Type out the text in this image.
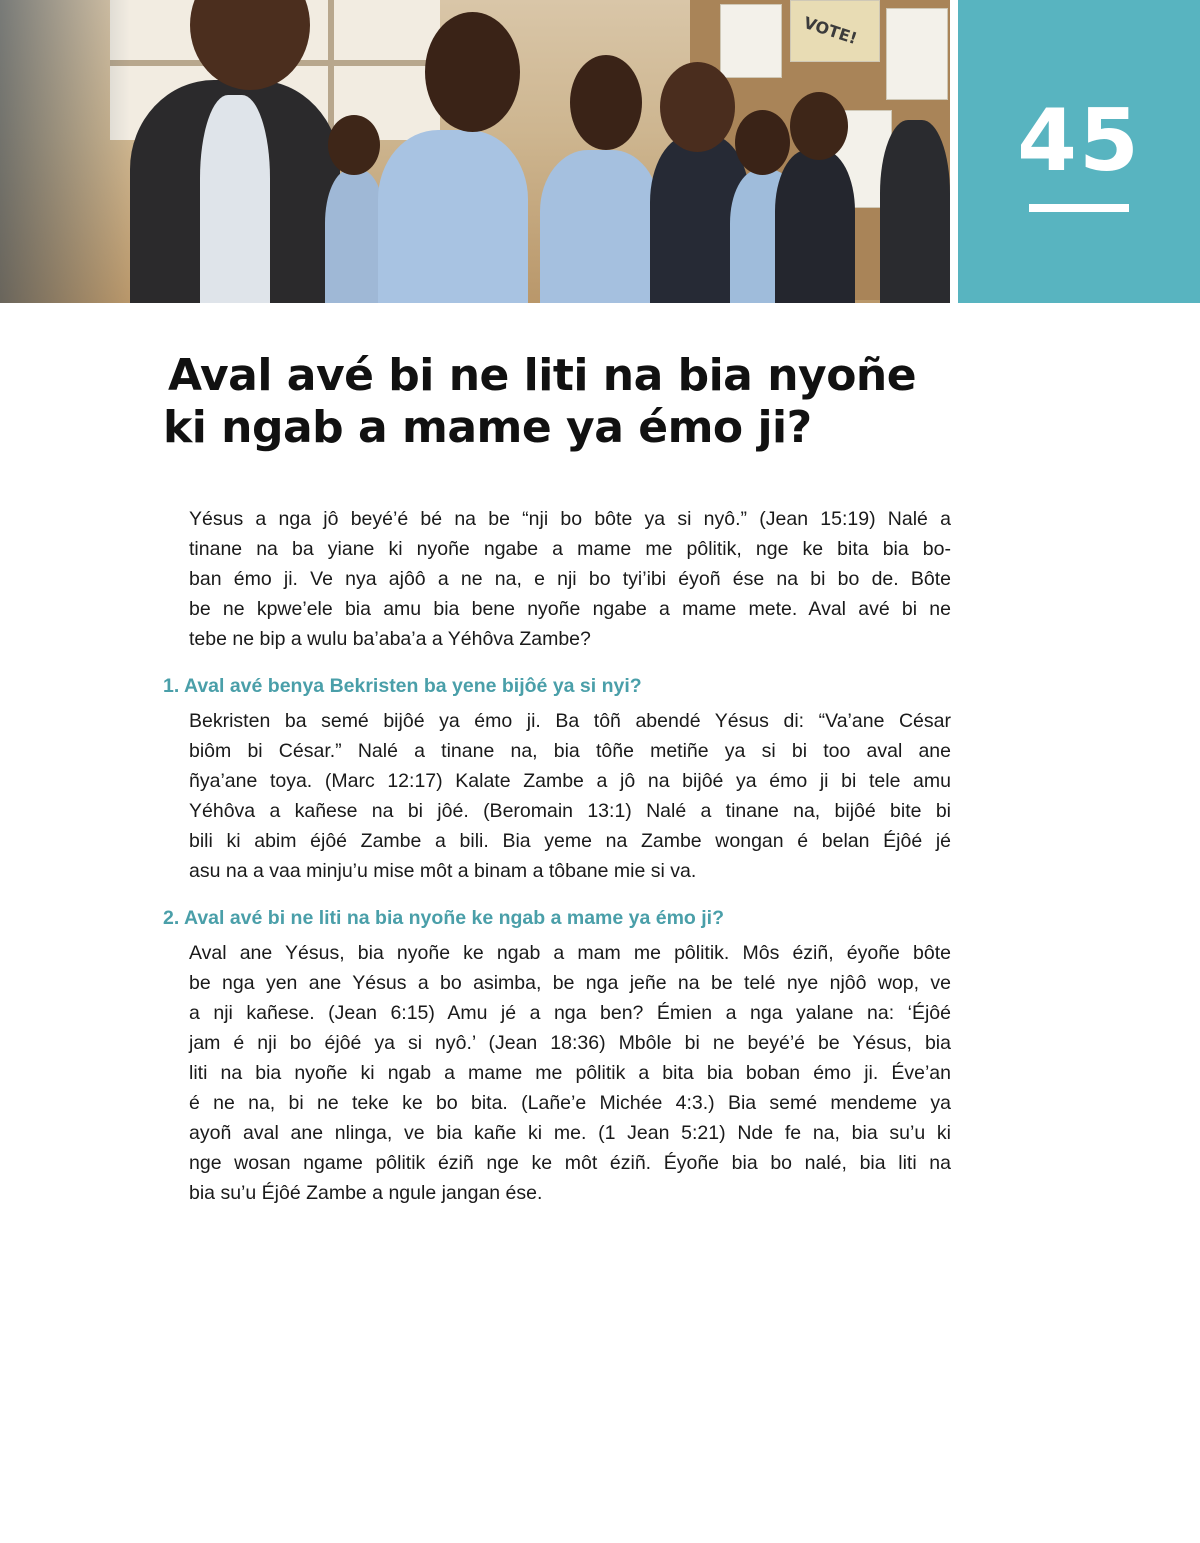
VOTE!
45
Aval avé bi ne liti na bia nyoñe
ki ngab a mame ya émo ji?

Yésus a nga jô beyé’é bé na be “nji bo bôte ya si nyô.” (Jean 15:19) Nalé a
tinane na ba yiane ki nyoñe ngabe a mame me pôlitik, nge ke bita bia bo-
ban émo ji. Ve nya ajôô a ne na, e nji bo tyi’ibi éyoñ ése na bi bo de. Bôte
be ne kpwe’ele bia amu bia bene nyoñe ngabe a mame mete. Aval avé bi ne
tebe ne bip a wulu ba’aba’a a Yéhôva Zambe?

1. Aval avé benya Bekristen ba yene bijôé ya si nyi?

Bekristen ba semé bijôé ya émo ji. Ba tôñ abendé Yésus di: “Va’ane César
biôm bi César.” Nalé a tinane na, bia tôñe metiñe ya si bi too aval ane
ñya’ane toya. (Marc 12:17) Kalate Zambe a jô na bijôé ya émo ji bi tele amu
Yéhôva a kañese na bi jôé. (Beromain 13:1) Nalé a tinane na, bijôé bite bi
bili ki abim éjôé Zambe a bili. Bia yeme na Zambe wongan é belan Éjôé jé
asu na a vaa minju’u mise môt a binam a tôbane mie si va.

2. Aval avé bi ne liti na bia nyoñe ke ngab a mame ya émo ji?

Aval ane Yésus, bia nyoñe ke ngab a mam me pôlitik. Môs éziñ, éyoñe bôte
be nga yen ane Yésus a bo asimba, be nga jeñe na be telé nye njôô wop, ve
a nji kañese. (Jean 6:15) Amu jé a nga ben? Émien a nga yalane na: ‘Éjôé
jam é nji bo éjôé ya si nyô.’ (Jean 18:36) Mbôle bi ne beyé’é be Yésus, bia
liti na bia nyoñe ki ngab a mame me pôlitik a bita bia boban émo ji. Éve’an
é ne na, bi ne teke ke bo bita. (Lañe’e Michée 4:3.) Bia semé mendeme ya
ayoñ aval ane nlinga, ve bia kañe ki me. (1 Jean 5:21) Nde fe na, bia su’u ki
nge wosan ngame pôlitik éziñ nge ke môt éziñ. Éyoñe bia bo nalé, bia liti na
bia su’u Éjôé Zambe a ngule jangan ése.
